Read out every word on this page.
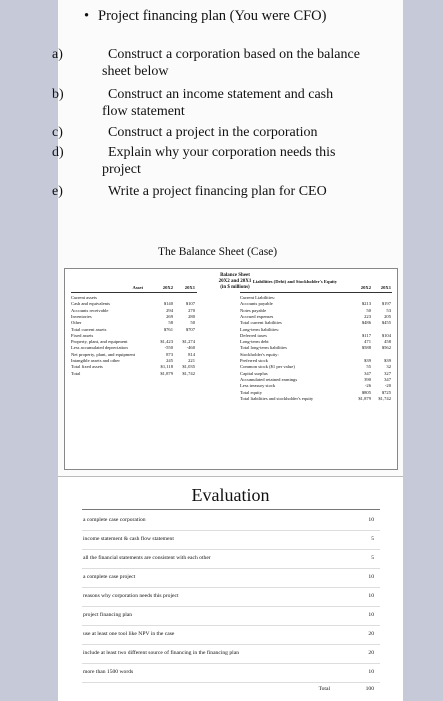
• Project financing plan (You were CFO)
a)	Construct a corporation based on the balance
sheet below
b)	Construct an income statement and cash
flow statement
c)	Construct a project in the corporation
d)	Explain why your corporation needs this
project
e)	Write a project financing plan for CEO
The Balance Sheet (Case)
Balance Sheet
20X2 and 20X1
(in $ millions)
Asset	20X2	20X1
Liabilities (Debt) and Stockholder's Equity
20X2	20X1
Current assets
Cash and equivalents	$140	$107
Accounts receivable	294	270
Inventories	269	280
Other	58	50
Total current assets	$761	$707
Fixed assets
Property, plant, and equipment	$1,423	$1,274
Less accumulated depreciation	-550	-460
Net property, plant, and equipment	873	814
Intangible assets and other	245	221
Total fixed assets	$1,118	$1,035
Total	$1,879	$1,742
Current Liabilities:
Accounts payable	$213	$197
Notes payable	50	53
Accrued expenses	223	205
Total current liabilities	$486	$455
Long-term liabilities:
Deferred taxes	$117	$104
Long-term debt	471	458
Total long-term liabilities	$588	$562
Stockholder's equity:
Preferred stock	$39	$39
Common stock ($1 per value)	55	32
Capital surplus	347	327
Accumulated retained earnings	390	347
Less treasury stock	-26	-20
Total equity	$805	$725
Total liabilities and stockholder's equity	$1,879	$1,742
Evaluation
a complete case corporation	10
income statement & cash flow statement	5
all the financial statements are consistent with each other	5
a complete case project	10
reasons why corporation needs this project	10
project financing plan	10
use at least one tool like NPV in the case	20
include at least two different source of financing in the financing plan	20
more than 1500 words	10
Total	100
